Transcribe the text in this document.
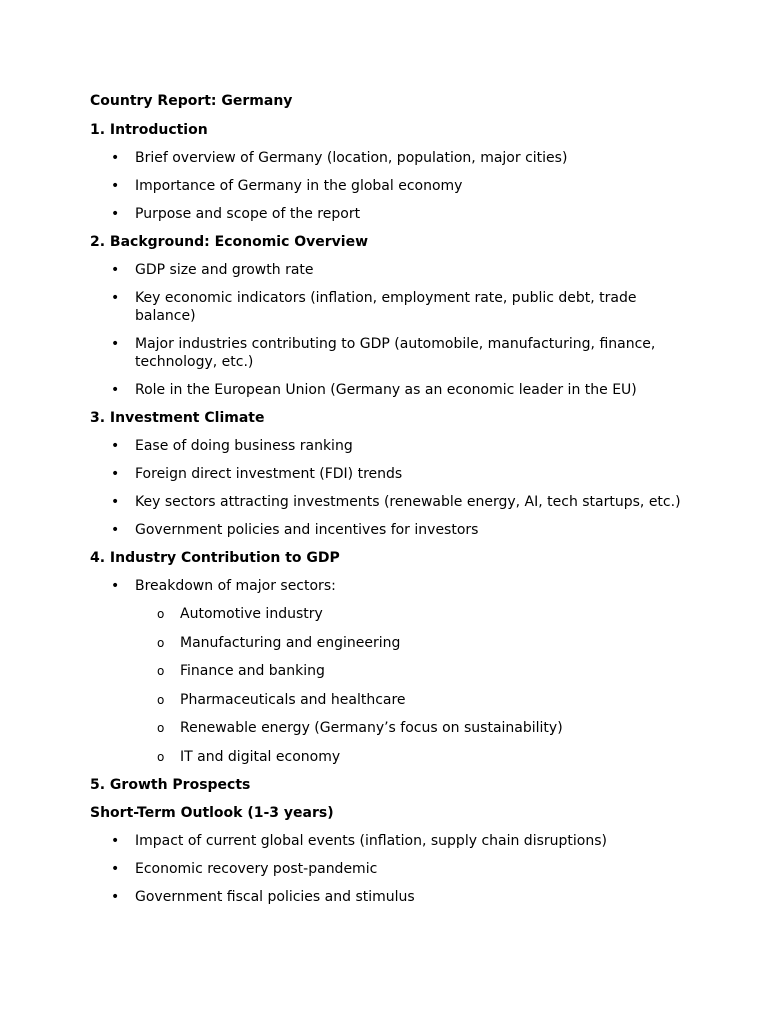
Country Report: Germany
1. Introduction
• Brief overview of Germany (location, population, major cities)
• Importance of Germany in the global economy
• Purpose and scope of the report
2. Background: Economic Overview
• GDP size and growth rate
• Key economic indicators (inflation, employment rate, public debt, trade balance)
• Major industries contributing to GDP (automobile, manufacturing, finance, technology, etc.)
• Role in the European Union (Germany as an economic leader in the EU)
3. Investment Climate
• Ease of doing business ranking
• Foreign direct investment (FDI) trends
• Key sectors attracting investments (renewable energy, AI, tech startups, etc.)
• Government policies and incentives for investors
4. Industry Contribution to GDP
• Breakdown of major sectors:
o Automotive industry
o Manufacturing and engineering
o Finance and banking
o Pharmaceuticals and healthcare
o Renewable energy (Germany’s focus on sustainability)
o IT and digital economy
5. Growth Prospects
Short-Term Outlook (1-3 years)
• Impact of current global events (inflation, supply chain disruptions)
• Economic recovery post-pandemic
• Government fiscal policies and stimulus
